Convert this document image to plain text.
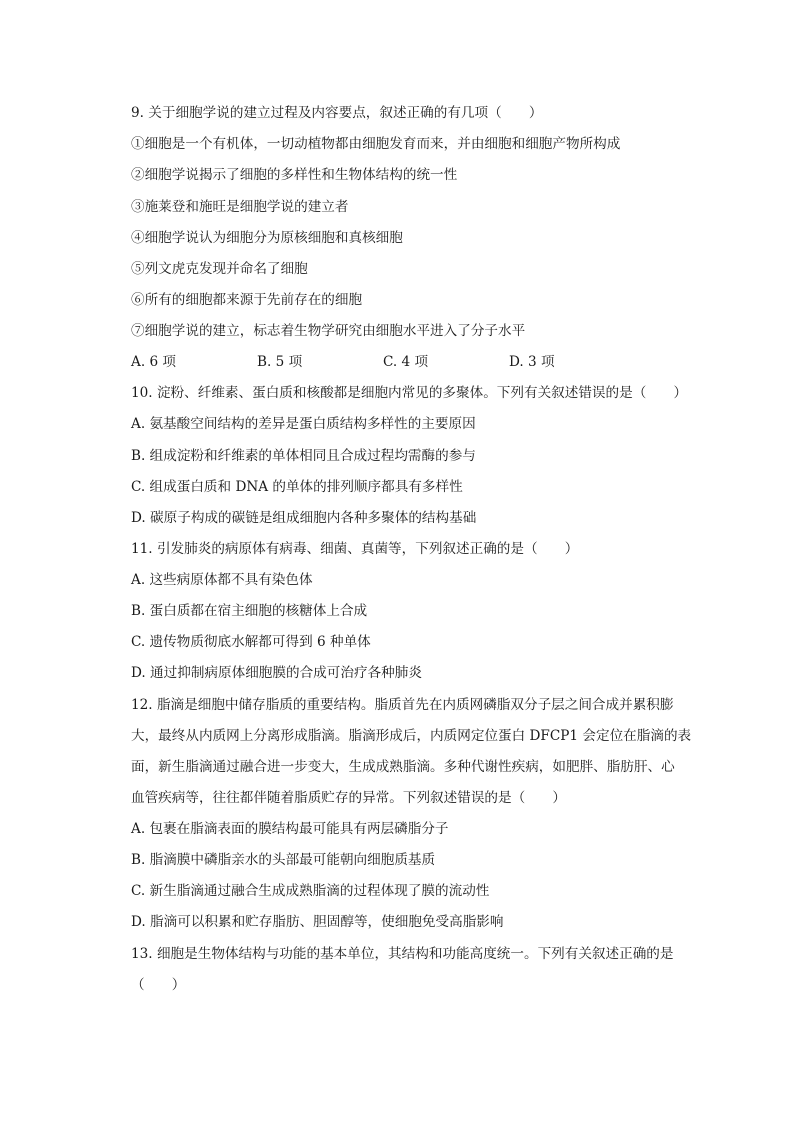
9. 关于细胞学说的建立过程及内容要点，叙述正确的有几项（　　）
①细胞是一个有机体，一切动植物都由细胞发育而来，并由细胞和细胞产物所构成
②细胞学说揭示了细胞的多样性和生物体结构的统一性
③施莱登和施旺是细胞学说的建立者
④细胞学说认为细胞分为原核细胞和真核细胞
⑤列文虎克发现并命名了细胞
⑥所有的细胞都来源于先前存在的细胞
⑦细胞学说的建立，标志着生物学研究由细胞水平进入了分子水平
A. 6 项	B. 5 项	C. 4 项	D. 3 项
10. 淀粉、纤维素、蛋白质和核酸都是细胞内常见的多聚体。下列有关叙述错误的是（　　）
A. 氨基酸空间结构的差异是蛋白质结构多样性的主要原因
B. 组成淀粉和纤维素的单体相同且合成过程均需酶的参与
C. 组成蛋白质和 DNA 的单体的排列顺序都具有多样性
D. 碳原子构成的碳链是组成细胞内各种多聚体的结构基础
11. 引发肺炎的病原体有病毒、细菌、真菌等，下列叙述正确的是（　　）
A. 这些病原体都不具有染色体
B. 蛋白质都在宿主细胞的核糖体上合成
C. 遗传物质彻底水解都可得到 6 种单体
D. 通过抑制病原体细胞膜的合成可治疗各种肺炎
12. 脂滴是细胞中储存脂质的重要结构。脂质首先在内质网磷脂双分子层之间合成并累积膨
大，最终从内质网上分离形成脂滴。脂滴形成后，内质网定位蛋白 DFCP1 会定位在脂滴的表
面，新生脂滴通过融合进一步变大，生成成熟脂滴。多种代谢性疾病，如肥胖、脂肪肝、心
血管疾病等，往往都伴随着脂质贮存的异常。下列叙述错误的是（　　）
A. 包裹在脂滴表面的膜结构最可能具有两层磷脂分子
B. 脂滴膜中磷脂亲水的头部最可能朝向细胞质基质
C. 新生脂滴通过融合生成成熟脂滴的过程体现了膜的流动性
D. 脂滴可以积累和贮存脂肪、胆固醇等，使细胞免受高脂影响
13. 细胞是生物体结构与功能的基本单位，其结构和功能高度统一。下列有关叙述正确的是
（　　）
